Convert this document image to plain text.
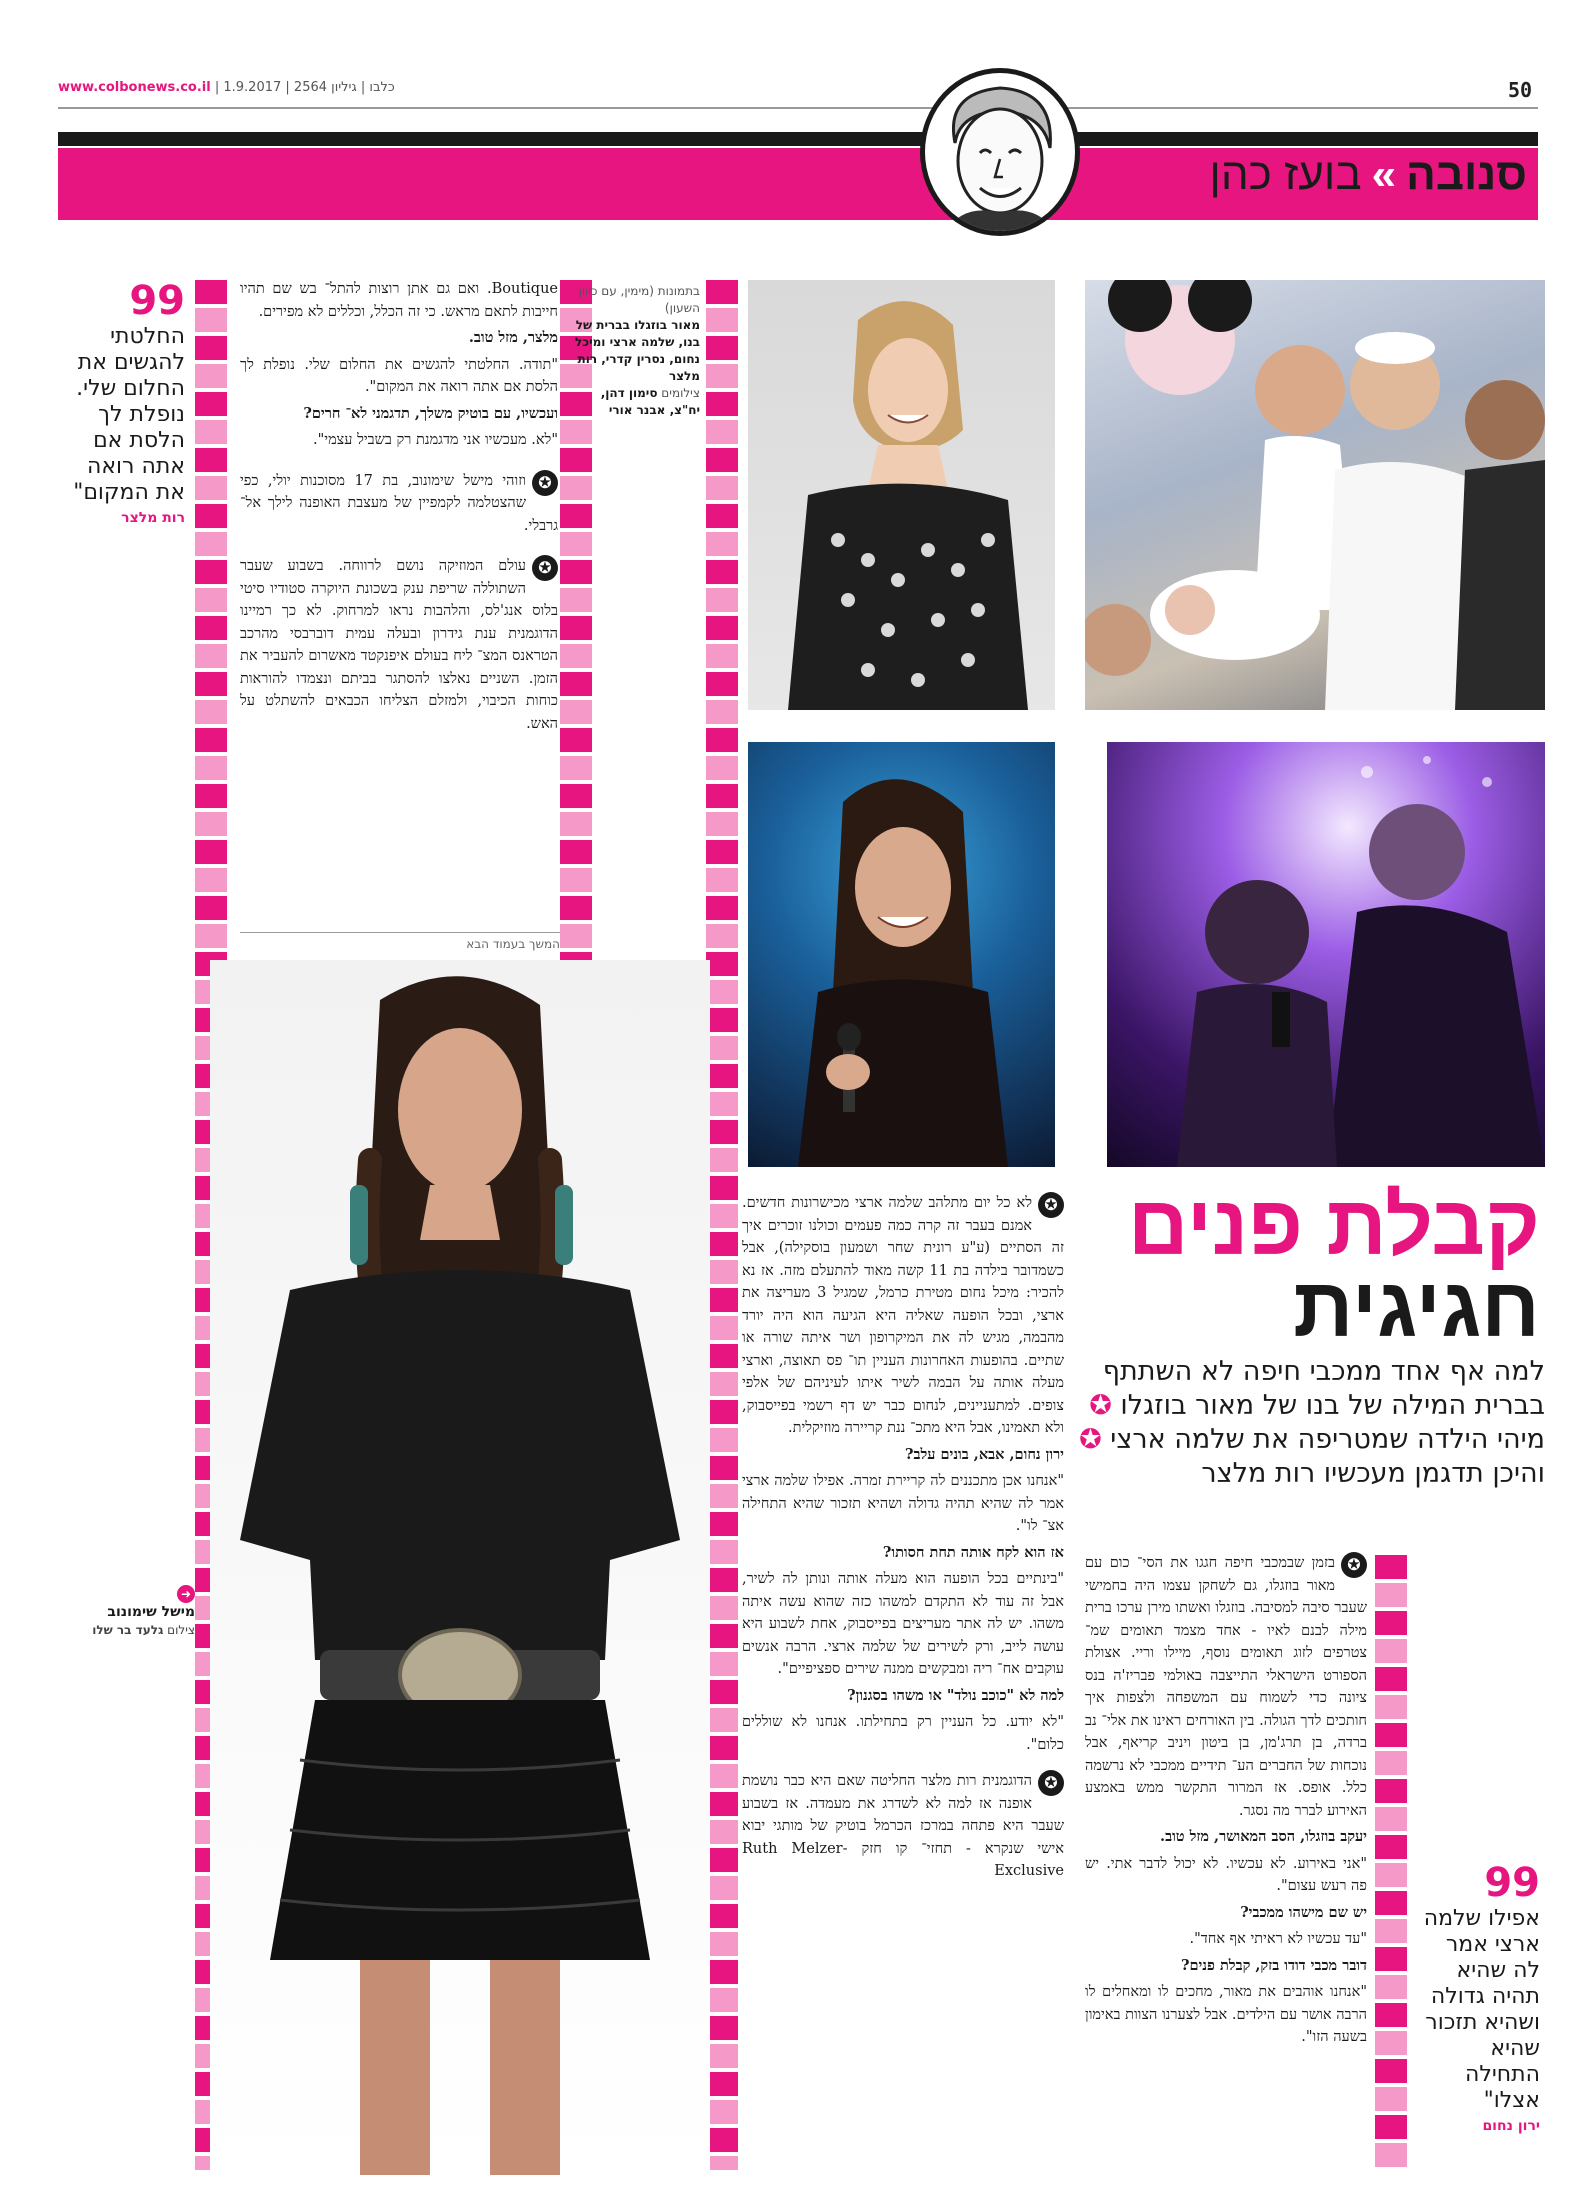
www.colbonews.co.il | כלבו | גיליון 2564 | 1.9.2017	50
סנובה»בועז כהן
בתמונות (מימין, עם כיוון השעון)
מאור בוזגלו בברית של בנו, שלמה ארצי ומיכל נחום, נסרין קדרי, רות מלצר
צילומים סימון דהן, יח"צ, אבנר אורי

Boutique. ואם גם אתן רוצות להתל־ בש שם תהיו חייבות לתאם מראש. כי זה הכלל, וכללים לא מפירים.

מלצר, מזל טוב.

"תודה. החלטתי להגשים את החלום שלי. נופלת לך הלסת אם אתה רואה את המקום".

ועכשיו, עם בוטיק משלך, תדגמני לא־ חרים?

"לא. מעכשיו אני מדגמנת רק בשביל עצמי".

✪
וזוהי מישל שימונוב, בת 17 מסוכנות יולי, כפי שהצטלמה לקמפיין של מעצבת האופנה לילך אל־ גרבלי.

✪
עולם המוזיקה נושם לרווחה. בשבוע שעבר השתוללה שריפת ענק בשכונת היוקרה סטודיו סיטי בלוס אנג'לס, והלהבות נראו למרחוק. לא כך רמיינו הדוגמנית ענת גידרון ובעלה עמית דוברבסי מהרכב הטראנס המצ־ ליח בעולם איפנקטד מאשרום להעביר את הזמן. השניים נאלצו להסתגר בביתם ונצמדו להוראות כוחות הכיבוי, ולמזלם הצליחו הכבאים להשתלט על האש.

המשך בעמוד הבא
99
החלטתי להגשים את החלום שלי. נופלת לך הלסת אם אתה רואה את המקום"
רות מלצר
➜
מישל שימונוב
צילום גלעד בר שלו

✪
לא כל יום מתלהב שלמה ארצי מכישרונות חדשים. אמנם בעבר זה קרה כמה פעמים וכולנו זוכרים איך זה הסתיים (ע"ע רונית שחר ושמעון בוסקילה), אבל כשמדובר בילדה בת 11 קשה מאוד להתעלם מזה. אז נא להכיר: מיכל נחום מטירת כרמל, שמגיל 3 מעריצה את ארצי, ובכל הופעה שאליה היא הגיעה הוא היה יורד מהבמה, מגיש לה את המיקרופון ושר איתה שורה או שתיים. בהופעות האחרונות העניין תו־ פס תאוצה, וארצי מעלה אותה על הבמה לשיר איתו לעיניהם של אלפי צופים. למתעניינים, לנחום כבר יש דף רשמי בפייסבוק, ולא תאמינו, אבל היא מתכ־ ננת קריירה מוזיקלית.

ירון נחום, אבא, בונים עלב?

"אנחנו אכן מתכננים לה קריירת זמרה. אפילו שלמה ארצי אמר לה שהיא תהיה גדולה ושהיא תזכור שהיא התחילה אצ־ לו".

אז הוא לקח אותה תחת חסותו?

"בינתיים בכל הופעה הוא מעלה אותה ונותן לה לשיר, אבל זה עוד לא התקדם למשהו כזה שהוא עשה איתה משהו. יש לה אתר מעריצים בפייסבוק, אחת לשבוע היא עושה לייב, ורק לשירים של שלמה ארצי. הרבה אנשים עוקבים אח־ ריה ומבקשים ממנה שירים ספציפיים".

למה לא "כוכב נולד" או משהו בסגנון?

"לא יודע. כל העניין רק בתחילתו. אנחנו לא שוללים כלום".

✪
הדוגמנית רות מלצר החליטה שאם היא כבר נושמת אופנה אז למה לא לשדרג את מעמדה. אז בשבוע שעבר היא פתחה במרכז הכרמל בוטיק של מותגי יבוא אישי שנקרא - תחזי־ קו חזק -Ruth Melzer Exclusive

קבלת פנים
חגיגית
למה אף אחד ממכבי חיפה לא השתתף בברית המילה של בנו של מאור בוזגלו ✪ מיהי הילדה שמטריפה את שלמה ארצי ✪ והיכן תדגמן מעכשיו רות מלצר

✪
בזמן שבמכבי חיפה חגגו את הסי־ כום עם מאור בוזגלו, גם לשחקן עצמו היה בחמישי שעבר סיבה למסיבה. בוזגלו ואשתו מירן ערכו ברית מילה לבנם לאיו - אחד מצמד תאומים שמ־ צטרפים לזוג תאומים נוסף, מיילו וריי. אצולת הספורט הישראלי התייצבה באולמי פבריז'ה בנס ציונה כדי לשמוח עם המשפחה ולצפות איך חותכים לדך הגולה. בין האורחים ראינו את אלי־ נב ברדה, בן תרג'מן, בן ביטון ויניב קריאף, אבל נוכחות של החברים הע־ תידיים ממכבי לא נרשמה כלל. אופס. אז המרור התקשר ממש באמצע האירוע לברר מה נסגר.

יעקב בוזגלו, הסב המאושר, מזל טוב.

"אני באירוע. לא עכשיו. לא יכול לדבר אתי. יש פה רעש עצום".

יש שם מישהו ממכבי?

"עד עכשיו לא ראיתי אף אחד".

דובר מכבי דודו בזק, קבלת פנים?

"אנחנו אוהבים את מאור, מחכים לו ומאחלים לו הרבה אושר עם הילדים. אבל לצערנו הצוות באימון בשעה הזו".

99
אפילו שלמה ארצי אמר לה שהיא תהיה גדולה ושהיא תזכור שהיא התחילה אצלו"
ירון נחום
